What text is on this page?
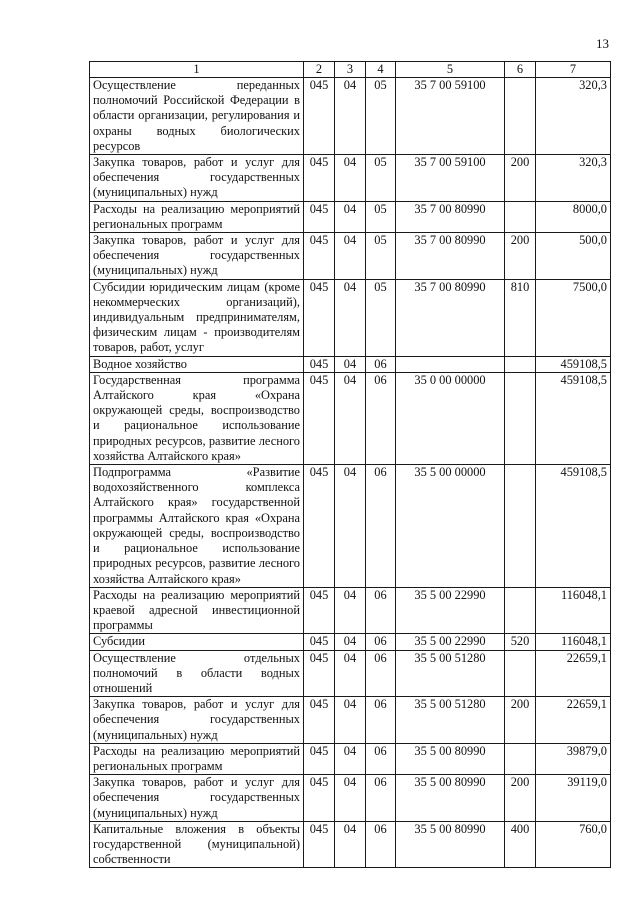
13
1	2	3	4	5	6	7
Осуществление переданных полномочий Российской Федерации в области организации, регулирования и охраны водных биологических ресурсов	045	04	05	35 7 00 59100		320,3
Закупка товаров, работ и услуг для обеспечения государственных (муниципальных) нужд	045	04	05	35 7 00 59100	200	320,3
Расходы на реализацию мероприятий региональных программ	045	04	05	35 7 00 80990		8000,0
Закупка товаров, работ и услуг для обеспечения государственных (муниципальных) нужд	045	04	05	35 7 00 80990	200	500,0
Субсидии юридическим лицам (кроме некоммерческих организаций), индивидуальным предпринимателям, физическим лицам - производителям товаров, работ, услуг	045	04	05	35 7 00 80990	810	7500,0
Водное хозяйство	045	04	06			459108,5
Государственная программа Алтайского края «Охрана окружающей среды, воспроизводство и рациональное использование природных ресурсов, развитие лесного хозяйства Алтайского края»	045	04	06	35 0 00 00000		459108,5
Подпрограмма «Развитие водохозяйственного комплекса Алтайского края» государственной программы Алтайского края «Охрана окружающей среды, воспроизводство и рациональное использование природных ресурсов, развитие лесного хозяйства Алтайского края»	045	04	06	35 5 00 00000		459108,5
Расходы на реализацию мероприятий краевой адресной инвестиционной программы	045	04	06	35 5 00 22990		116048,1
Субсидии	045	04	06	35 5 00 22990	520	116048,1
Осуществление отдельных полномочий в области водных отношений	045	04	06	35 5 00 51280		22659,1
Закупка товаров, работ и услуг для обеспечения государственных (муниципальных) нужд	045	04	06	35 5 00 51280	200	22659,1
Расходы на реализацию мероприятий региональных программ	045	04	06	35 5 00 80990		39879,0
Закупка товаров, работ и услуг для обеспечения государственных (муниципальных) нужд	045	04	06	35 5 00 80990	200	39119,0
Капитальные вложения в объекты государственной (муниципальной) собственности	045	04	06	35 5 00 80990	400	760,0
